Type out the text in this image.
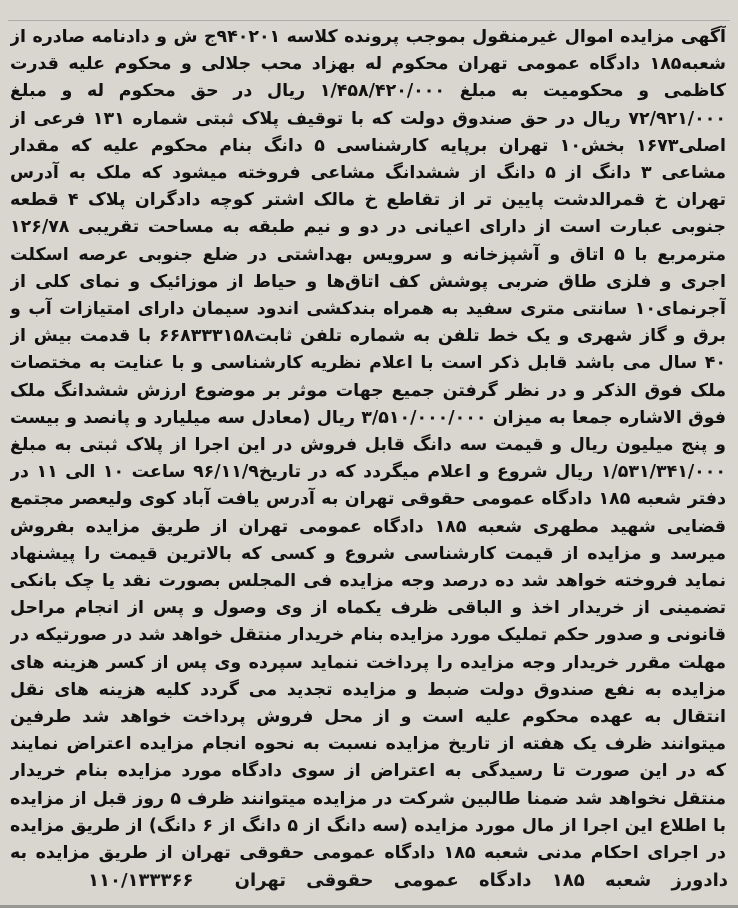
آگهی مزایده اموال غیرمنقول بموجب پرونده کلاسه ۹۴۰۲۰۱ج ش و دادنامه صادره از شعبه۱۸۵ دادگاه عمومی تهران محکوم له بهزاد محب جلالی و محکوم علیه قدرت کاظمی و محکومیت به مبلغ ۱/۴۵۸/۴۲۰/۰۰۰ ریال در حق محکوم له و مبلغ ۷۲/۹۲۱/۰۰۰ ریال در حق صندوق دولت که با توقیف پلاک ثبتی شماره ۱۳۱ فرعی از اصلی۱۶۷۳ بخش۱۰ تهران برپایه کارشناسی ۵ دانگ بنام محکوم علیه که مقدار مشاعی ۳ دانگ از ۵ دانگ از ششدانگ مشاعی فروخته میشود که ملک به آدرس تهران خ قمرالدشت پایین تر از تقاطع خ مالک اشتر کوچه دادگران پلاک ۴ قطعه جنوبی عبارت است از دارای اعیانی در دو و نیم طبقه به مساحت تقریبی ۱۲۶/۷۸ مترمربع با ۵ اتاق و آشپزخانه و سرویس بهداشتی در ضلع جنوبی عرصه اسکلت اجری و فلزی طاق ضربی پوشش کف اتاق‌ها و حیاط از موزائیک و نمای کلی از آجرنمای۱۰ سانتی متری سفید به همراه بندکشی اندود سیمان دارای امتیازات آب و برق و گاز شهری و یک خط تلفن به شماره تلفن ثابت۶۶۸۳۳۳۱۵۸ با قدمت بیش از ۴۰ سال می باشد قابل ذکر است با اعلام نظریه کارشناسی و با عنایت به مختصات ملک فوق الذکر و در نظر گرفتن جمیع جهات موثر بر موضوع ارزش ششدانگ ملک فوق الاشاره جمعا به میزان ۳/۵۱۰/۰۰۰/۰۰۰ ریال (معادل سه میلیارد و پانصد و بیست و پنج میلیون ریال و قیمت سه دانگ قابل فروش در این اجرا از پلاک ثبتی به مبلغ ۱/۵۳۱/۳۴۱/۰۰۰ ریال شروع و اعلام میگردد که در تاریخ۹۶/۱۱/۹ ساعت ۱۰ الی ۱۱ در دفتر شعبه ۱۸۵ دادگاه عمومی حقوقی تهران به آدرس یافت آباد کوی ولیعصر مجتمع قضایی شهید مطهری شعبه ۱۸۵ دادگاه عمومی تهران از طریق مزایده بفروش میرسد و مزایده از قیمت کارشناسی شروع و کسی که بالاترین قیمت را پیشنهاد نماید فروخته خواهد شد ده درصد وجه مزایده فی المجلس بصورت نقد یا چک بانکی تضمینی از خریدار اخذ و الباقی ظرف یکماه از وی وصول و پس از انجام مراحل قانونی و صدور حکم تملیک مورد مزایده بنام خریدار منتقل خواهد شد در صورتیکه در مهلت مقرر خریدار وجه مزایده را پرداخت ننماید سپرده وی پس از کسر هزینه های مزایده به نفع صندوق دولت ضبط و مزایده تجدید می گردد کلیه هزینه های نقل انتقال به عهده محکوم علیه است و از محل فروش پرداخت خواهد شد طرفین میتوانند ظرف یک هفته از تاریخ مزایده نسبت به نحوه انجام مزایده اعتراض نمایند که در این صورت تا رسیدگی به اعتراض از سوی دادگاه مورد مزایده بنام خریدار منتقل نخواهد شد ضمنا طالبین شرکت در مزایده میتوانند ظرف ۵ روز قبل از مزایده با اطلاع این اجرا از مال مورد مزایده (سه دانگ از ۵ دانگ از ۶ دانگ) از طریق مزایده در اجرای احکام مدنی شعبه ۱۸۵ دادگاه عمومی حقوقی تهران از طریق مزایده به
دادورز شعبه ۱۸۵ دادگاه عمومی حقوقی تهران
۱۱۰/۱۳۳۳۶۶
